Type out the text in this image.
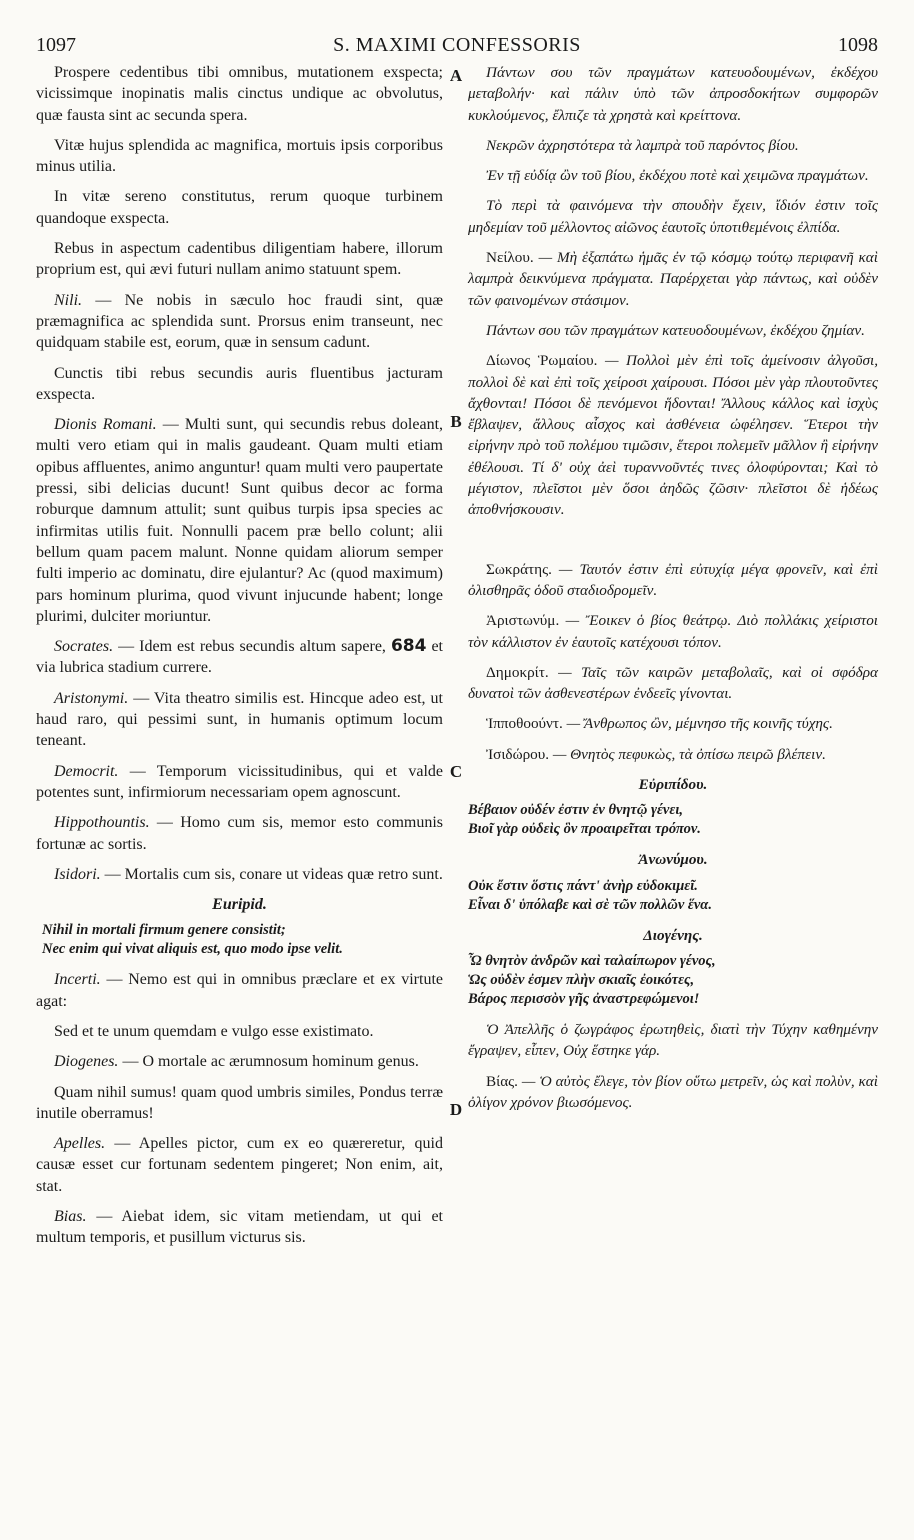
1097	S. MAXIMI CONFESSORIS	1098
A
B
C
D

Prospere cedentibus tibi omnibus, mutationem exspecta; vicissimque inopinatis malis cinctus undique ac obvolutus, quæ fausta sint ac secunda spera.

Vitæ hujus splendida ac magnifica, mortuis ipsis corporibus minus utilia.

In vitæ sereno constitutus, rerum quoque turbinem quandoque exspecta.

Rebus in aspectum cadentibus diligentiam habere, illorum proprium est, qui ævi futuri nullam animo statuunt spem.

Nili. — Ne nobis in sæculo hoc fraudi sint, quæ præmagnifica ac splendida sunt. Prorsus enim transeunt, nec quidquam stabile est, eorum, quæ in sensum cadunt.

Cunctis tibi rebus secundis auris fluentibus jacturam exspecta.

Dionis Romani. — Multi sunt, qui secundis rebus doleant, multi vero etiam qui in malis gaudeant. Quam multi etiam opibus affluentes, animo anguntur! quam multi vero paupertate pressi, sibi delicias ducunt! Sunt quibus decor ac forma roburque damnum attulit; sunt quibus turpis ipsa species ac infirmitas utilis fuit. Nonnulli pacem præ bello colunt; alii bellum quam pacem malunt. Nonne quidam aliorum semper fulti imperio ac dominatu, dire ejulantur? Ac (quod maximum) pars hominum plurima, quod vivunt injucunde habent; longe plurimi, dulciter moriuntur.

Socrates. — Idem est rebus secundis altum sapere, 684 et via lubrica stadium currere.

Aristonymi. — Vita theatro similis est. Hincque adeo est, ut haud raro, qui pessimi sunt, in humanis optimum locum teneant.

Democrit. — Temporum vicissitudinibus, qui et valde potentes sunt, infirmiorum necessariam opem agnoscunt.

Hippothountis. — Homo cum sis, memor esto communis fortunæ ac sortis.

Isidori. — Mortalis cum sis, conare ut videas quæ retro sunt.

Euripid.
Nihil in mortali firmum genere consistit;
Nec enim qui vivat aliquis est, quo modo ipse velit.

Incerti. — Nemo est qui in omnibus præclare et ex virtute agat:

Sed et te unum quemdam e vulgo esse existimato.

Diogenes. — O mortale ac ærumnosum hominum genus.

Quam nihil sumus! quam quod umbris similes, Pondus terræ inutile oberramus!

Apelles. — Apelles pictor, cum ex eo quæreretur, quid causæ esset cur fortunam sedentem pingeret; Non enim, ait, stat.

Bias. — Aiebat idem, sic vitam metiendam, ut qui et multum temporis, et pusillum victurus sis.

Πάντων σου τῶν πραγμάτων κατευοδουμένων, ἐκδέχου μεταβολήν· καὶ πάλιν ὑπὸ τῶν ἀπροσδοκήτων συμφορῶν κυκλούμενος, ἔλπιζε τὰ χρηστὰ καὶ κρείττονα.

Νεκρῶν ἀχρηστότερα τὰ λαμπρὰ τοῦ παρόντος βίου.

Ἐν τῇ εὐδίᾳ ὢν τοῦ βίου, ἐκδέχου ποτὲ καὶ χειμῶνα πραγμάτων.

Τὸ περὶ τὰ φαινόμενα τὴν σπουδὴν ἔχειν, ἴδιόν ἐστιν τοῖς μηδεμίαν τοῦ μέλλοντος αἰῶνος ἑαυτοῖς ὑποτιθεμένοις ἐλπίδα.

Νείλου. — Μὴ ἐξαπάτω ἡμᾶς ἐν τῷ κόσμῳ τούτῳ περιφανῆ καὶ λαμπρὰ δεικνύμενα πράγματα. Παρέρχεται γὰρ πάντως, καὶ οὐδὲν τῶν φαινομένων στάσιμον.

Πάντων σου τῶν πραγμάτων κατευοδουμένων, ἐκδέχου ζημίαν.

Δίωνος Ῥωμαίου. — Πολλοὶ μὲν ἐπὶ τοῖς ἀμείνοσιν ἀλγοῦσι, πολλοὶ δὲ καὶ ἐπὶ τοῖς χείροσι χαίρουσι. Πόσοι μὲν γὰρ πλουτοῦντες ἄχθονται! Πόσοι δὲ πενόμενοι ἥδονται! Ἄλλους κάλλος καὶ ἰσχὺς ἔβλαψεν, ἄλλους αἶσχος καὶ ἀσθένεια ὠφέλησεν. Ἕτεροι τὴν εἰρήνην πρὸ τοῦ πολέμου τιμῶσιν, ἕτεροι πολεμεῖν μᾶλλον ἢ εἰρήνην ἐθέλουσι. Τί δ' οὐχ ἀεὶ τυραννοῦντές τινες ὀλοφύρονται; Καὶ τὸ μέγιστον, πλεῖστοι μὲν ὅσοι ἀηδῶς ζῶσιν· πλεῖστοι δὲ ἡδέως ἀποθνήσκουσιν.

Σωκράτης. — Ταυτόν ἐστιν ἐπὶ εὐτυχίᾳ μέγα φρονεῖν, καὶ ἐπὶ ὀλισθηρᾶς ὁδοῦ σταδιοδρομεῖν.

Ἀριστωνύμ. — Ἔοικεν ὁ βίος θεάτρῳ. Διὸ πολλάκις χείριστοι τὸν κάλλιστον ἐν ἑαυτοῖς κατέχουσι τόπον.

Δημοκρίτ. — Ταῖς τῶν καιρῶν μεταβολαῖς, καὶ οἱ σφόδρα δυνατοὶ τῶν ἀσθενεστέρων ἐνδεεῖς γίνονται.

Ἱπποθοούντ. — Ἄνθρωπος ὢν, μέμνησο τῆς κοινῆς τύχης.

Ἰσιδώρου. — Θνητὸς πεφυκὼς, τὰ ὀπίσω πειρῶ βλέπειν.

Εὐριπίδου.
Βέβαιον οὐδέν ἐστιν ἐν θνητῷ γένει,
Βιοῖ γὰρ οὐδεὶς ὃν προαιρεῖται τρόπον.
Ἀνωνύμου.
Οὐκ ἔστιν ὅστις πάντ' ἀνὴρ εὐδοκιμεῖ.
Εἶναι δ' ὑπόλαβε καὶ σὲ τῶν πολλῶν ἕνα.
Διογένης.
Ὦ θνητὸν ἀνδρῶν καὶ ταλαίπωρον γένος,
Ὡς οὐδὲν ἐσμεν πλὴν σκιαῖς ἐοικότες,
Βάρος περισσὸν γῆς ἀναστρεφώμενοι!

Ὁ Ἀπελλῆς ὁ ζωγράφος ἐρωτηθεὶς, διατὶ τὴν Τύχην καθημένην ἔγραψεν, εἶπεν, Οὐχ ἕστηκε γάρ.

Βίας. — Ὁ αὐτὸς ἔλεγε, τὸν βίον οὕτω μετρεῖν, ὡς καὶ πολὺν, καὶ ὀλίγον χρόνον βιωσόμενος.
